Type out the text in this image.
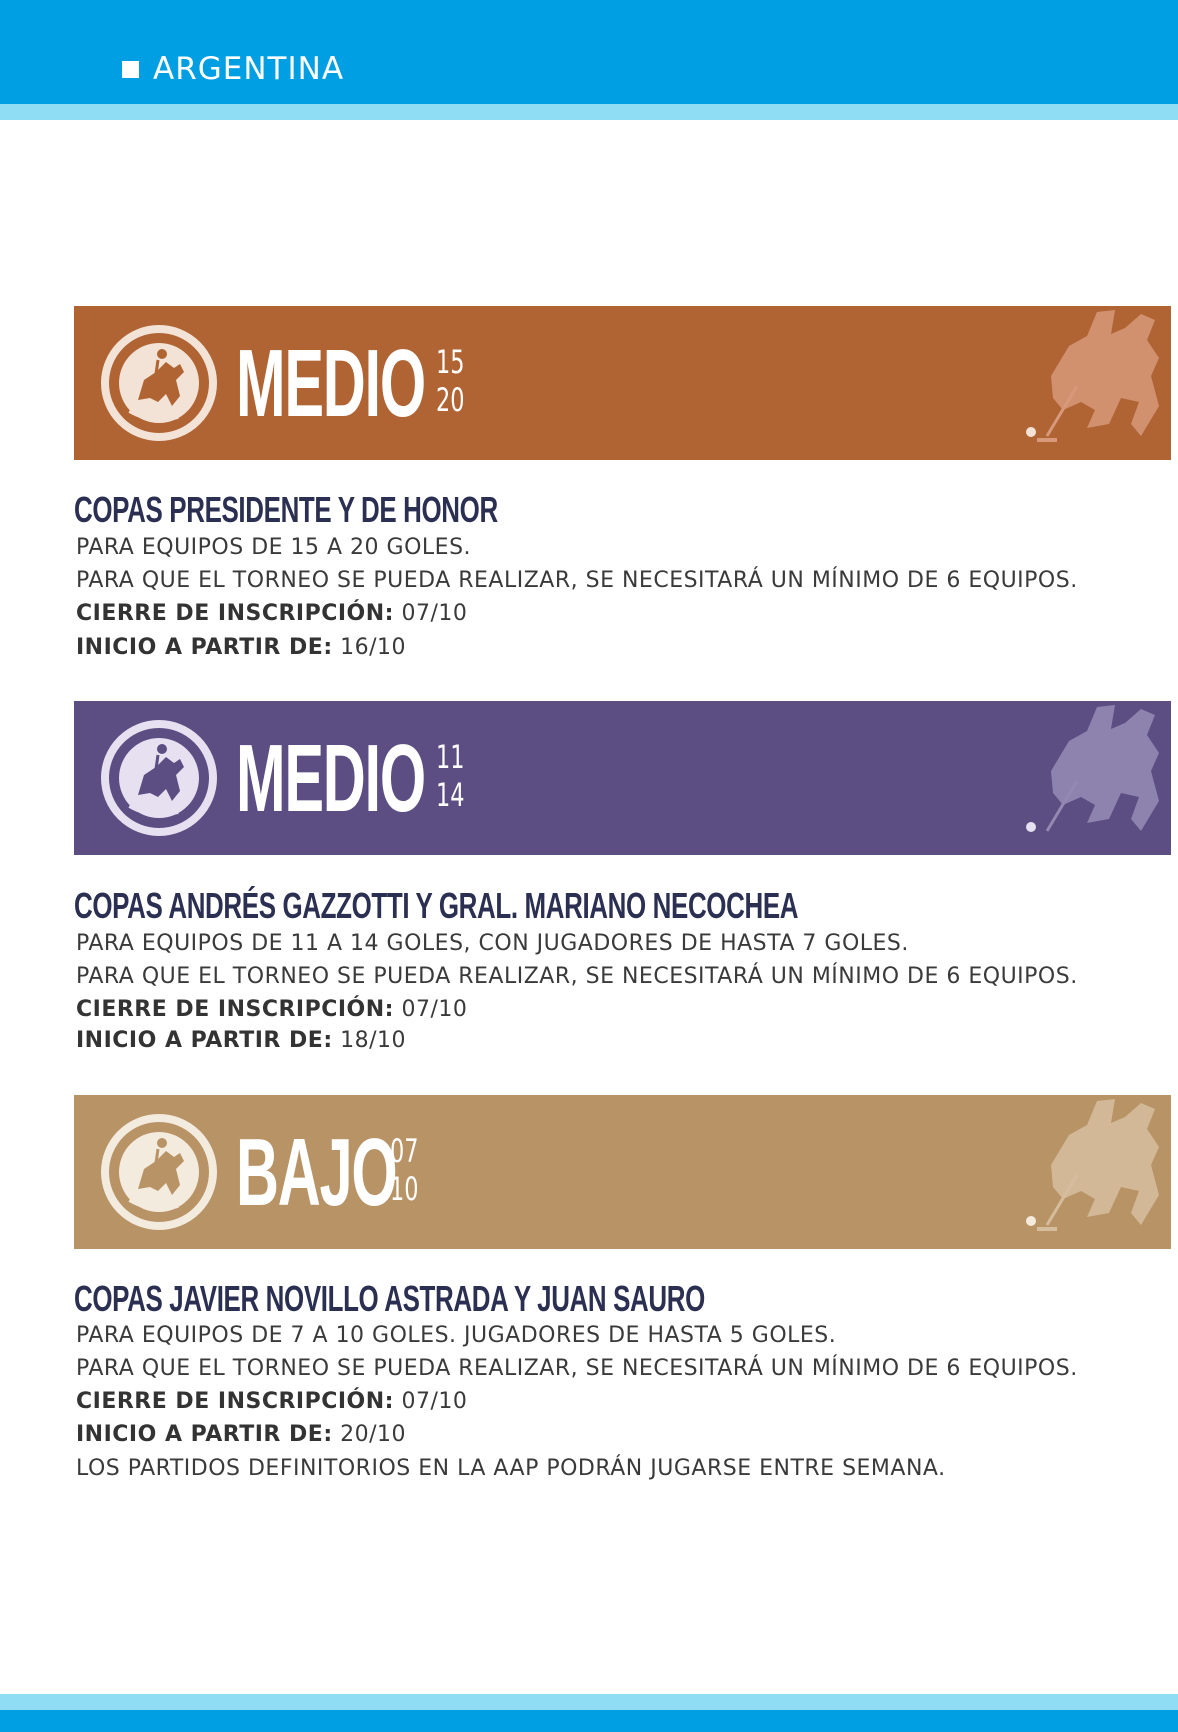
ARGENTINA
MEDIO 15
20
COPAS PRESIDENTE Y DE HONOR
PARA EQUIPOS DE 15 A 20 GOLES.
PARA QUE EL TORNEO SE PUEDA REALIZAR, SE NECESITARÁ UN MÍNIMO DE 6 EQUIPOS.
CIERRE DE INSCRIPCIÓN: 07/10
INICIO A PARTIR DE: 16/10
MEDIO 11
14
COPAS ANDRÉS GAZZOTTI Y GRAL. MARIANO NECOCHEA
PARA EQUIPOS DE 11 A 14 GOLES, CON JUGADORES DE HASTA 7 GOLES.
PARA QUE EL TORNEO SE PUEDA REALIZAR, SE NECESITARÁ UN MÍNIMO DE 6 EQUIPOS.
CIERRE DE INSCRIPCIÓN: 07/10
INICIO A PARTIR DE: 18/10
BAJO
07
10
COPAS JAVIER NOVILLO ASTRADA Y JUAN SAURO
PARA EQUIPOS DE 7 A 10 GOLES. JUGADORES DE HASTA 5 GOLES.
PARA QUE EL TORNEO SE PUEDA REALIZAR, SE NECESITARÁ UN MÍNIMO DE 6 EQUIPOS.
CIERRE DE INSCRIPCIÓN: 07/10
INICIO A PARTIR DE: 20/10
LOS PARTIDOS DEFINITORIOS EN LA AAP PODRÁN JUGARSE ENTRE SEMANA.
